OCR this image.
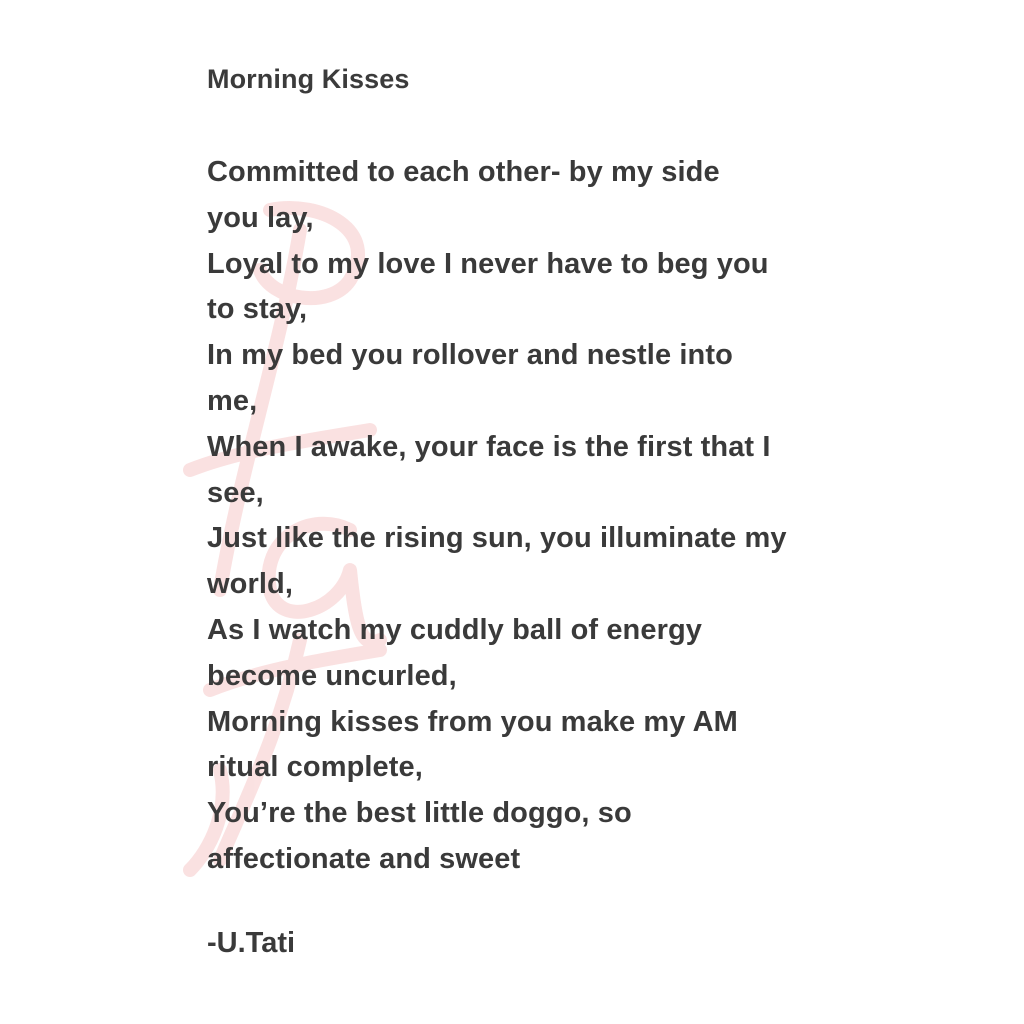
Morning Kisses
Committed to each other- by my side
you lay,
Loyal to my love I never have to beg you
to stay,
In my bed you rollover and nestle into
me,
When I awake, your face is the first that I
see,
Just like the rising sun, you illuminate my
world,
As I watch my cuddly ball of energy
become uncurled,
Morning kisses from you make my AM
ritual complete,
You’re the best little doggo, so
affectionate and sweet

-U.Tati
